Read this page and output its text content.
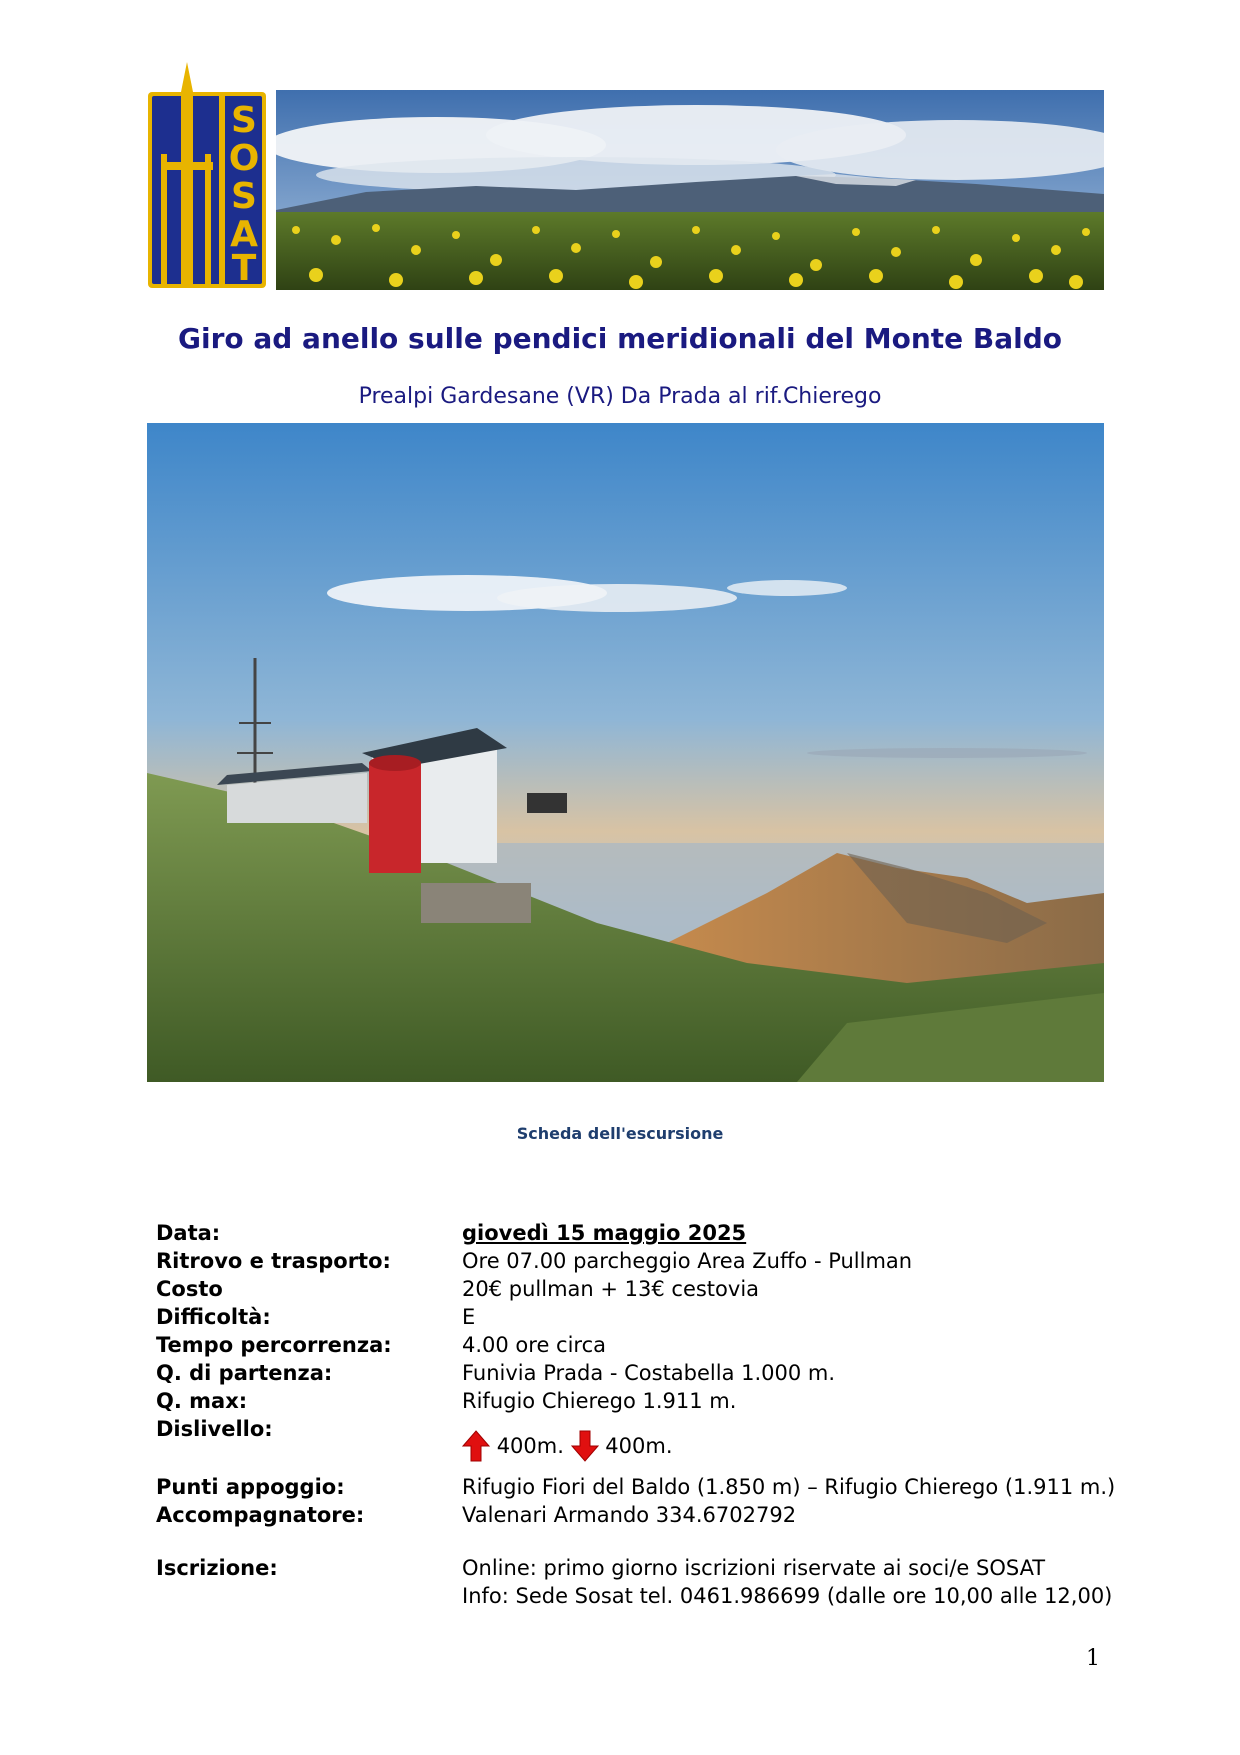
S
O
S
A
T
Giro ad anello sulle pendici meridionali del Monte Baldo
Prealpi Gardesane (VR) Da Prada al rif.Chierego
Scheda dell'escursione
Data:	giovedì 15 maggio 2025
Ritrovo e trasporto:	Ore 07.00 parcheggio Area Zuffo - Pullman
Costo	20€ pullman + 13€ cestovia
Difficoltà:	E
Tempo percorrenza:	4.00 ore circa
Q. di partenza:	Funivia Prada - Costabella 1.000 m.
Q. max:	Rifugio Chierego 1.911 m.
Dislivello:
400m. 400m.
Punti appoggio:	Rifugio Fiori del Baldo (1.850 m) – Rifugio Chierego (1.911 m.)
Accompagnatore:	Valenari Armando 334.6702792
Iscrizione:	Online: primo giorno iscrizioni riservate ai soci/e SOSAT
Info: Sede Sosat tel. 0461.986699 (dalle ore 10,00 alle 12,00)
1
